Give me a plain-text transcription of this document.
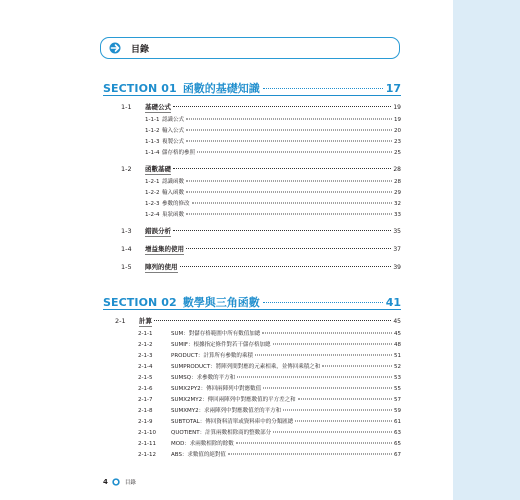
目錄
SECTION 01 函數的基礎知識	17
1-1	基礎公式	19
1-1-1 認識公式	19
1-1-2 輸入公式	20
1-1-3 複製公式	23
1-1-4 儲存格的參照	25
1-2	函數基礎	28
1-2-1 認識函數	28
1-2-2 輸入函數	29
1-2-3 參數的修改	32
1-2-4 巢狀函數	33
1-3	錯誤分析	35
1-4	增益集的使用	37
1-5	陣列的使用	39
SECTION 02 數學與三角函數	41
2-1	計算	45
2-1-1	SUM：對儲存格範圍中所有數值加總	45
2-1-2	SUMIF：根據指定條件對若干儲存格加總	48
2-1-3	PRODUCT：計算所有參數的乘積	51
2-1-4	SUMPRODUCT：將陣列間對應的元素相乘，並傳回乘積之和	52
2-1-5	SUMSQ：求參數的平方和	53
2-1-6	SUMX2PY2：傳回兩陣列中對應數值	55
2-1-7	SUMX2MY2：傳回兩陣列中對應數值的平方差之和	57
2-1-8	SUMXMY2：求兩陣列中對應數值差的平方和	59
2-1-9	SUBTOTAL：傳回資料清單或資料庫中的分類匯總	61
2-1-10	QUOTIENT：計算兩數相除商的整數部分	63
2-1-11	MOD：求兩數相除的餘數	65
2-1-12	ABS：求數值的絕對值	67
4	目錄
